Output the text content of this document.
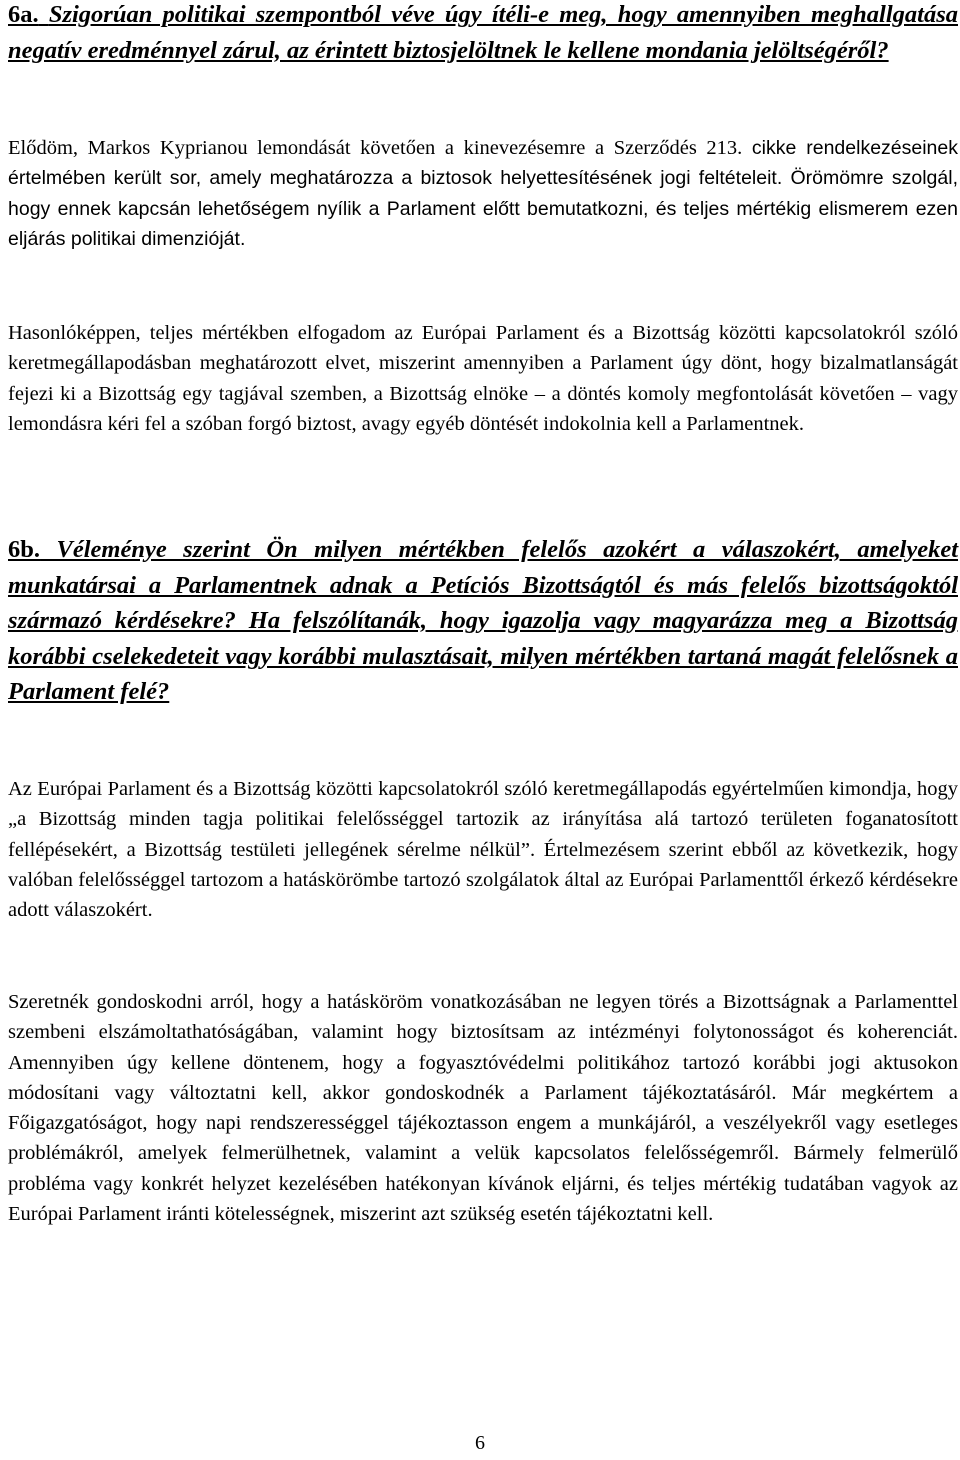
6a. Szigorúan politikai szempontból véve úgy ítéli-e meg, hogy amennyiben meghallgatása negatív eredménnyel zárul, az érintett biztosjelöltnek le kellene mondania jelöltségéről?

Elődöm, Markos Kyprianou lemondását követően a kinevezésemre a Szerződés 213. cikke rendelkezéseinek értelmében került sor, amely meghatározza a biztosok helyettesítésének jogi feltételeit. Örömömre szolgál, hogy ennek kapcsán lehetőségem nyílik a Parlament előtt bemutatkozni, és teljes mértékig elismerem ezen eljárás politikai dimenzióját.

Hasonlóképpen, teljes mértékben elfogadom az Európai Parlament és a Bizottság közötti kapcsolatokról szóló keretmegállapodásban meghatározott elvet, miszerint amennyiben a Parlament úgy dönt, hogy bizalmatlanságát fejezi ki a Bizottság egy tagjával szemben, a Bizottság elnöke – a döntés komoly megfontolását követően – vagy lemondásra kéri fel a szóban forgó biztost, avagy egyéb döntését indokolnia kell a Parlamentnek.

6b. Véleménye szerint Ön milyen mértékben felelős azokért a válaszokért, amelyeket munkatársai a Parlamentnek adnak a Petíciós Bizottságtól és más felelős bizottságoktól származó kérdésekre? Ha felszólítanák, hogy igazolja vagy magyarázza meg a Bizottság korábbi cselekedeteit vagy korábbi mulasztásait, milyen mértékben tartaná magát felelősnek a Parlament felé?

Az Európai Parlament és a Bizottság közötti kapcsolatokról szóló keretmegállapodás egyértelműen kimondja, hogy „a Bizottság minden tagja politikai felelősséggel tartozik az irányítása alá tartozó területen foganatosított fellépésekért, a Bizottság testületi jellegének sérelme nélkül”. Értelmezésem szerint ebből az következik, hogy valóban felelősséggel tartozom a hatáskörömbe tartozó szolgálatok által az Európai Parlamenttől érkező kérdésekre adott válaszokért.

Szeretnék gondoskodni arról, hogy a hatásköröm vonatkozásában ne legyen törés a Bizottságnak a Parlamenttel szembeni elszámoltathatóságában, valamint hogy biztosítsam az intézményi folytonosságot és koherenciát. Amennyiben úgy kellene döntenem, hogy a fogyasztóvédelmi politikához tartozó korábbi jogi aktusokon módosítani vagy változtatni kell, akkor gondoskodnék a Parlament tájékoztatásáról. Már megkértem a Főigazgatóságot, hogy napi rendszerességgel tájékoztasson engem a munkájáról, a veszélyekről vagy esetleges problémákról, amelyek felmerülhetnek, valamint a velük kapcsolatos felelősségemről. Bármely felmerülő probléma vagy konkrét helyzet kezelésében hatékonyan kívánok eljárni, és teljes mértékig tudatában vagyok az Európai Parlament iránti kötelességnek, miszerint azt szükség esetén tájékoztatni kell.

6
